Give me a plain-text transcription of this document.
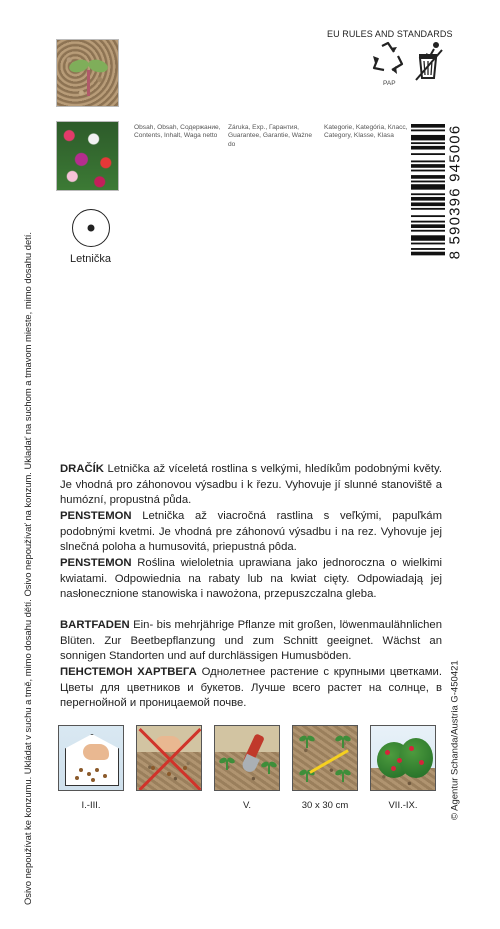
Osivo nepoužívat ke konzumu. Ukládat v suchu a tmě, mimo dosahu dětí. Osivo nepoužívať na konzum. Ukladať na suchom a tmavom mieste, mimo dosahu detí.
Obsah, Obsah, Содержание, Contents, Inhalt, Waga netto
Záruka, Exp., Гарантия, Guarantee, Garantie, Ważne do
Kategorie, Kategória, Класс, Category, Klasse, Klasa
Letnička
EU RULES AND STANDARDS
PAP
8 590396 945006
© Agentur Schanda/Austria G-450421
DRAČÍK Letnička až víceletá rostlina s velkými, hledíkům podobnými květy. Je vhodná pro záhonovou výsadbu i k řezu. Vyhovuje jí slunné stanoviště a humózní, propustná půda.
PENSTEMON Letnička až viacročná rastlina s veľkými, papuľkám podobnými kvetmi. Je vhodná pre záhonovú výsadbu i na rez. Vyhovuje jej slnečná poloha a humusovitá, priepustná pôda.
PENSTEMON Roślina wieloletnia uprawiana jako jednoroczna o wielkimi kwiatami. Odpowiednia na rabaty lub na kwiat cięty. Odpowiadają jej nasłonecznione stanowiska i nawożona, przepuszczalna gleba.
BARTFADEN Ein- bis mehrjährige Pflanze mit großen, löwenmaulähnlichen Blüten. Zur Beetbepflanzung und zum Schnitt geeignet. Wächst an sonnigen Standorten und auf durchlässigen Humusböden.
ПЕНСТЕМОН ХАРТВЕГА Однолетнее растение с крупными цветками. Цветы для цветников и букетов. Лучше всего растет на солнце, в перегнойной и проницаемой почве.
I.-III.	V.	30 x 30 cm	VII.-IX.
